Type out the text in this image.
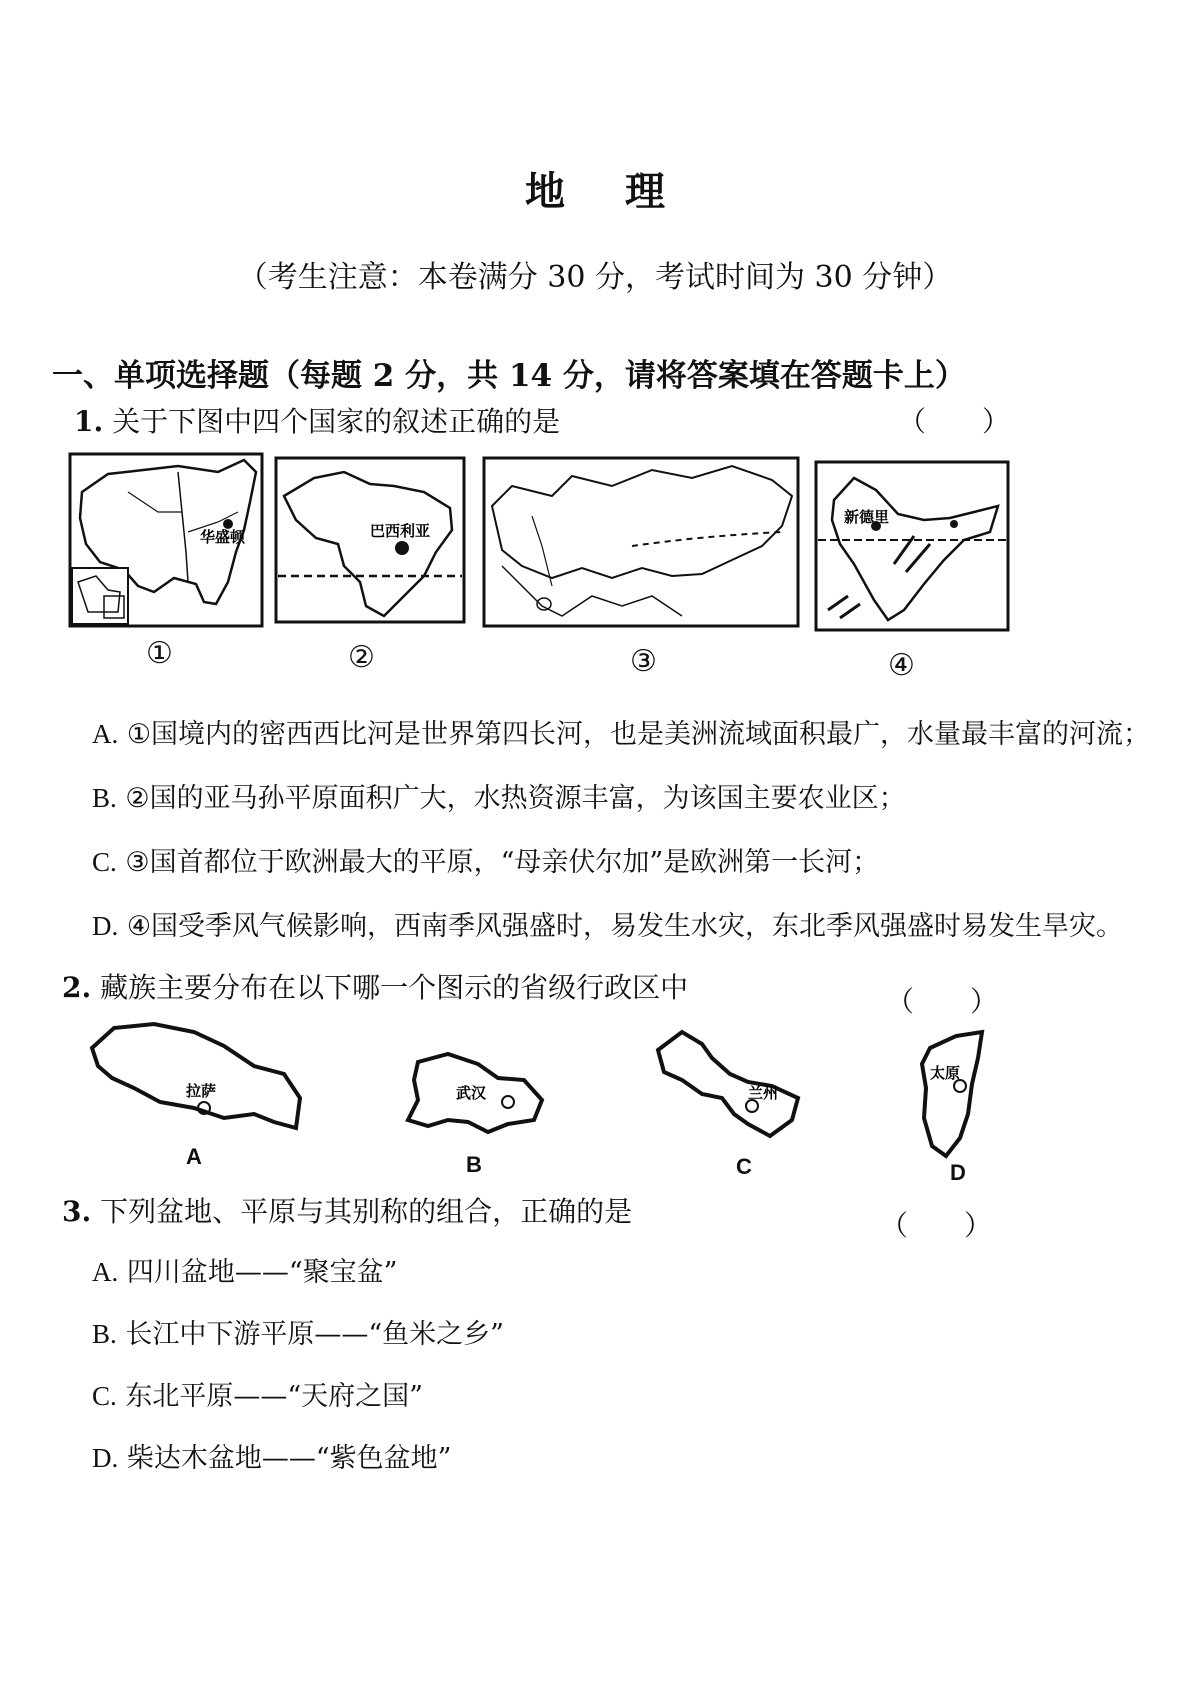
地 理
（考生注意：本卷满分 30 分，考试时间为 30 分钟）
一、单项选择题（每题 2 分，共 14 分，请将答案填在答题卡上）
1. 关于下图中四个国家的叙述正确的是	（　　）
华盛顿	巴西利亚
新德里
①	②	③	④
A. ①国境内的密西西比河是世界第四长河，也是美洲流域面积最广，水量最丰富的河流；
B. ②国的亚马孙平原面积广大，水热资源丰富，为该国主要农业区；
C. ③国首都位于欧洲最大的平原，“母亲伏尔加”是欧洲第一长河；
D. ④国受季风气候影响，西南季风强盛时，易发生水灾，东北季风强盛时易发生旱灾。
2. 藏族主要分布在以下哪一个图示的省级行政区中	（　　）
拉萨	武汉	兰州
太原
A	B	C	D
3. 下列盆地、平原与其别称的组合，正确的是	（　　）
A. 四川盆地——“聚宝盆”
B. 长江中下游平原——“鱼米之乡”
C. 东北平原——“天府之国”
D. 柴达木盆地——“紫色盆地”
